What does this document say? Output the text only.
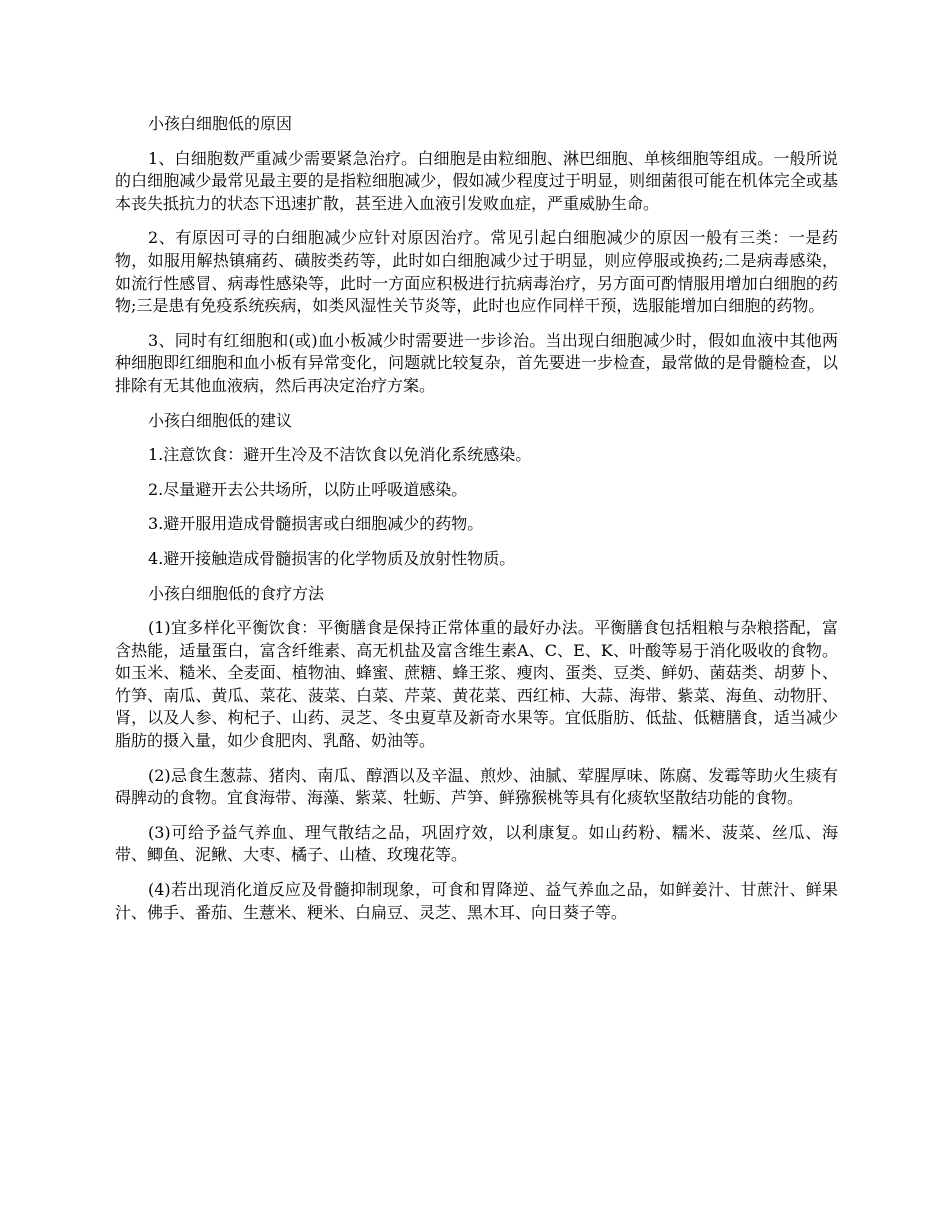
小孩白细胞低的原因

1、白细胞数严重减少需要紧急治疗。白细胞是由粒细胞、淋巴细胞、单核细胞等组成。一般所说的白细胞减少最常见最主要的是指粒细胞减少，假如减少程度过于明显，则细菌很可能在机体完全或基本丧失抵抗力的状态下迅速扩散，甚至进入血液引发败血症，严重威胁生命。

2、有原因可寻的白细胞减少应针对原因治疗。常见引起白细胞减少的原因一般有三类：一是药物，如服用解热镇痛药、磺胺类药等，此时如白细胞减少过于明显，则应停服或换药;二是病毒感染，如流行性感冒、病毒性感染等，此时一方面应积极进行抗病毒治疗，另方面可酌情服用增加白细胞的药物;三是患有免疫系统疾病，如类风湿性关节炎等，此时也应作同样干预，选服能增加白细胞的药物。

3、同时有红细胞和(或)血小板减少时需要进一步诊治。当出现白细胞减少时，假如血液中其他两种细胞即红细胞和血小板有异常变化，问题就比较复杂，首先要进一步检查，最常做的是骨髓检查，以排除有无其他血液病，然后再决定治疗方案。

小孩白细胞低的建议

1.注意饮食：避开生冷及不洁饮食以免消化系统感染。

2.尽量避开去公共场所，以防止呼吸道感染。

3.避开服用造成骨髓损害或白细胞减少的药物。

4.避开接触造成骨髓损害的化学物质及放射性物质。

小孩白细胞低的食疗方法

(1)宜多样化平衡饮食：平衡膳食是保持正常体重的最好办法。平衡膳食包括粗粮与杂粮搭配，富含热能，适量蛋白，富含纤维素、高无机盐及富含维生素A、C、E、K、叶酸等易于消化吸收的食物。如玉米、糙米、全麦面、植物油、蜂蜜、蔗糖、蜂王浆、瘦肉、蛋类、豆类、鲜奶、菌菇类、胡萝卜、竹笋、南瓜、黄瓜、菜花、菠菜、白菜、芹菜、黄花菜、西红柿、大蒜、海带、紫菜、海鱼、动物肝、肾，以及人参、枸杞子、山药、灵芝、冬虫夏草及新奇水果等。宜低脂肪、低盐、低糖膳食，适当减少脂肪的摄入量，如少食肥肉、乳酪、奶油等。

(2)忌食生葱蒜、猪肉、南瓜、醇酒以及辛温、煎炒、油腻、荤腥厚味、陈腐、发霉等助火生痰有碍脾动的食物。宜食海带、海藻、紫菜、牡蛎、芦笋、鲜猕猴桃等具有化痰软坚散结功能的食物。

(3)可给予益气养血、理气散结之品，巩固疗效，以利康复。如山药粉、糯米、菠菜、丝瓜、海带、鲫鱼、泥鳅、大枣、橘子、山楂、玫瑰花等。

(4)若出现消化道反应及骨髓抑制现象，可食和胃降逆、益气养血之品，如鲜姜汁、甘蔗汁、鲜果汁、佛手、番茄、生薏米、粳米、白扁豆、灵芝、黑木耳、向日葵子等。
